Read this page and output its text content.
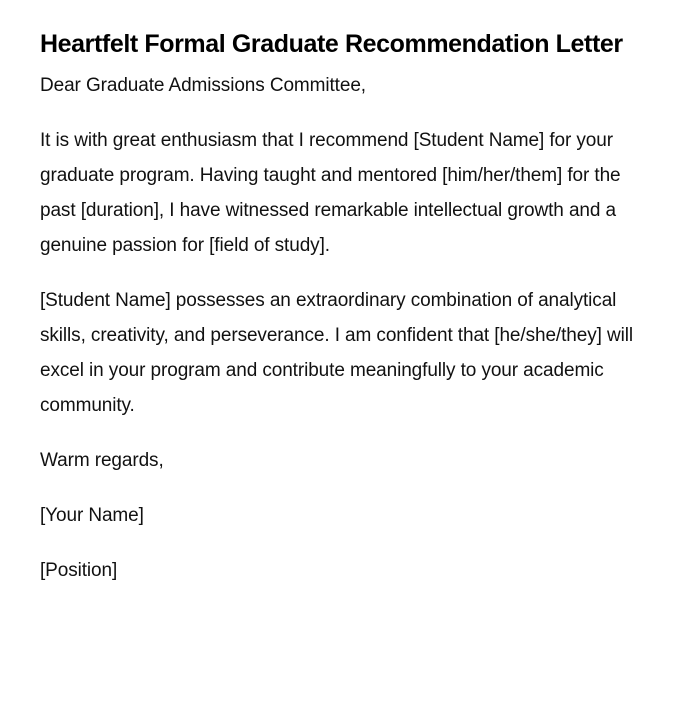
Heartfelt Formal Graduate Recommendation Letter

Dear Graduate Admissions Committee,

It is with great enthusiasm that I recommend [Student Name] for your graduate program. Having taught and mentored [him/her/them] for the past [duration], I have witnessed remarkable intellectual growth and a genuine passion for [field of study].

[Student Name] possesses an extraordinary combination of analytical skills, creativity, and perseverance. I am confident that [he/she/they] will excel in your program and contribute meaningfully to your academic community.

Warm regards,

[Your Name]

[Position]
